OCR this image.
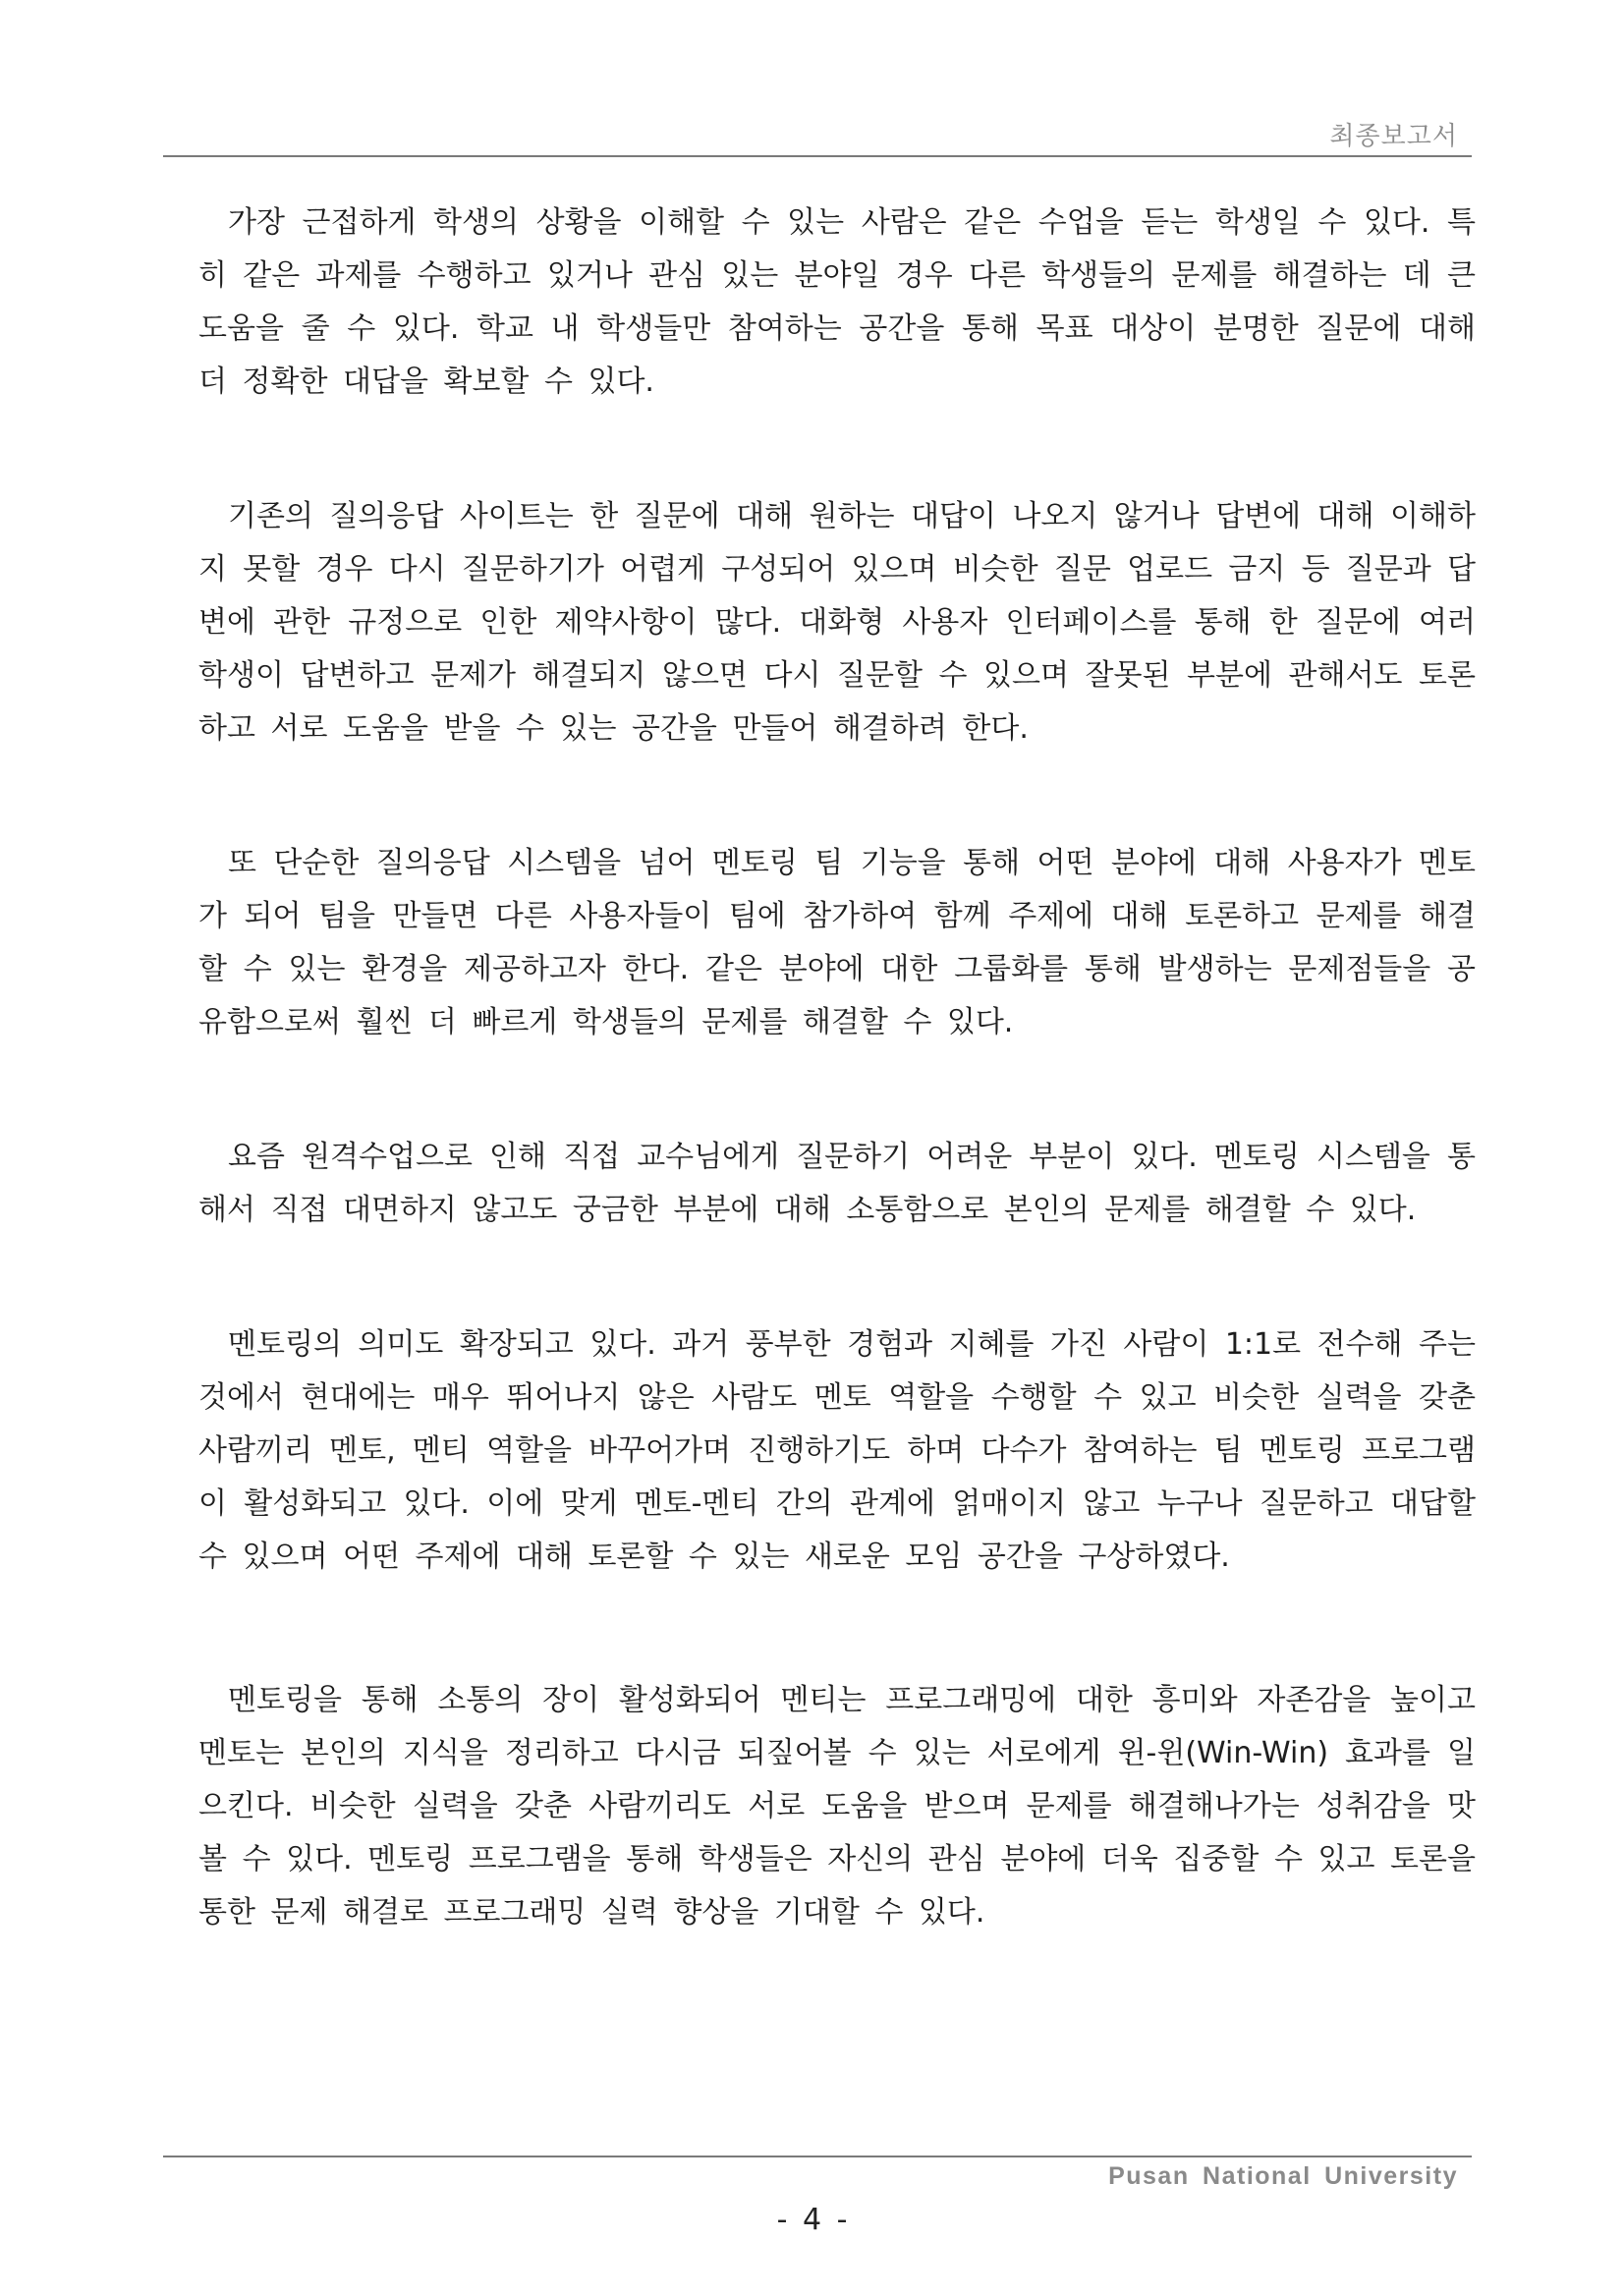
최종보고서

가장 근접하게 학생의 상황을 이해할 수 있는 사람은 같은 수업을 듣는 학생일 수 있다. 특히 같은 과제를 수행하고 있거나 관심 있는 분야일 경우 다른 학생들의 문제를 해결하는 데 큰 도움을 줄 수 있다. 학교 내 학생들만 참여하는 공간을 통해 목표 대상이 분명한 질문에 대해 더 정확한 대답을 확보할 수 있다.

기존의 질의응답 사이트는 한 질문에 대해 원하는 대답이 나오지 않거나 답변에 대해 이해하지 못할 경우 다시 질문하기가 어렵게 구성되어 있으며 비슷한 질문 업로드 금지 등 질문과 답변에 관한 규정으로 인한 제약사항이 많다. 대화형 사용자 인터페이스를 통해 한 질문에 여러 학생이 답변하고 문제가 해결되지 않으면 다시 질문할 수 있으며 잘못된 부분에 관해서도 토론하고 서로 도움을 받을 수 있는 공간을 만들어 해결하려 한다.

또 단순한 질의응답 시스템을 넘어 멘토링 팀 기능을 통해 어떤 분야에 대해 사용자가 멘토가 되어 팀을 만들면 다른 사용자들이 팀에 참가하여 함께 주제에 대해 토론하고 문제를 해결할 수 있는 환경을 제공하고자 한다. 같은 분야에 대한 그룹화를 통해 발생하는 문제점들을 공유함으로써 훨씬 더 빠르게 학생들의 문제를 해결할 수 있다.

요즘 원격수업으로 인해 직접 교수님에게 질문하기 어려운 부분이 있다. 멘토링 시스템을 통해서 직접 대면하지 않고도 궁금한 부분에 대해 소통함으로 본인의 문제를 해결할 수 있다.

멘토링의 의미도 확장되고 있다. 과거 풍부한 경험과 지혜를 가진 사람이 1:1로 전수해 주는 것에서 현대에는 매우 뛰어나지 않은 사람도 멘토 역할을 수행할 수 있고 비슷한 실력을 갖춘 사람끼리 멘토, 멘티 역할을 바꾸어가며 진행하기도 하며 다수가 참여하는 팀 멘토링 프로그램이 활성화되고 있다. 이에 맞게 멘토-멘티 간의 관계에 얽매이지 않고 누구나 질문하고 대답할 수 있으며 어떤 주제에 대해 토론할 수 있는 새로운 모임 공간을 구상하였다.

멘토링을 통해 소통의 장이 활성화되어 멘티는 프로그래밍에 대한 흥미와 자존감을 높이고 멘토는 본인의 지식을 정리하고 다시금 되짚어볼 수 있는 서로에게 윈-윈(Win-Win) 효과를 일으킨다. 비슷한 실력을 갖춘 사람끼리도 서로 도움을 받으며 문제를 해결해나가는 성취감을 맛볼 수 있다. 멘토링 프로그램을 통해 학생들은 자신의 관심 분야에 더욱 집중할 수 있고 토론을 통한 문제 해결로 프로그래밍 실력 향상을 기대할 수 있다.

Pusan National University
- 4 -
